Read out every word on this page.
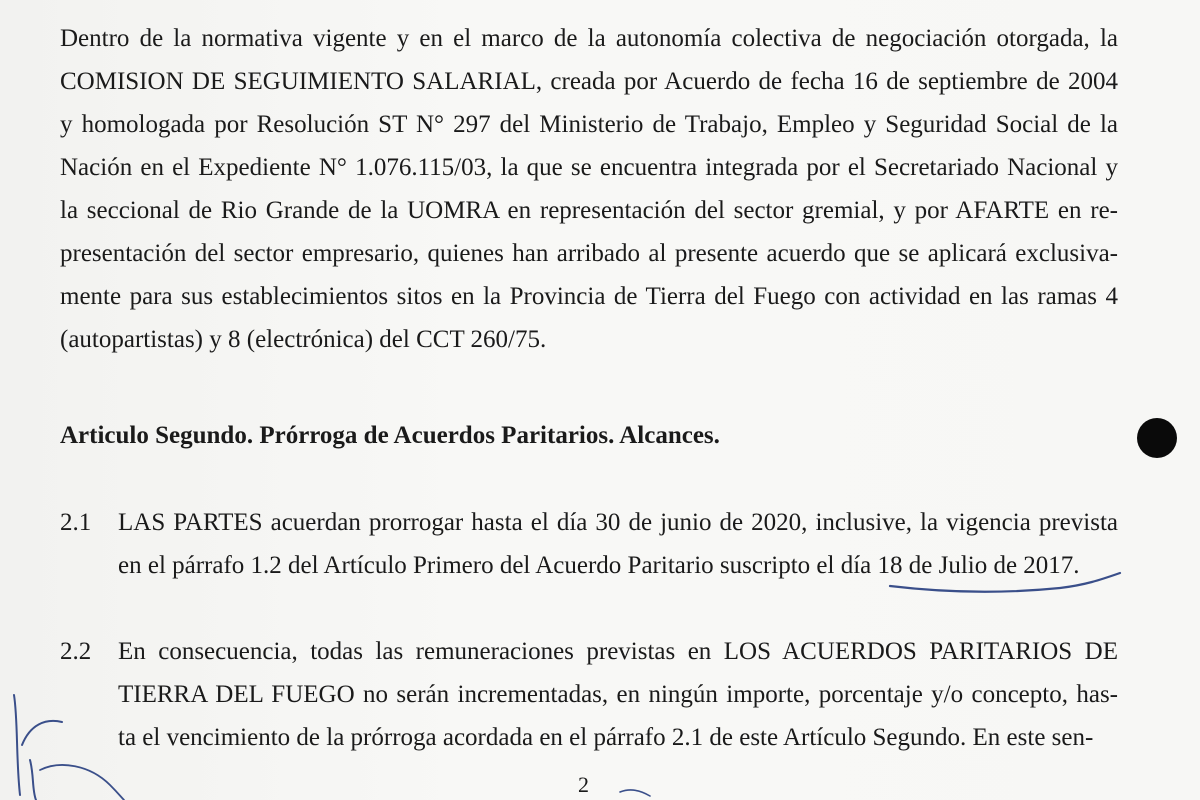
Dentro de la normativa vigente y en el marco de la autonomía colectiva de negociación otorgada, la
COMISION DE SEGUIMIENTO SALARIAL, creada por Acuerdo de fecha 16 de septiembre de 2004
y homologada por Resolución ST N° 297 del Ministerio de Trabajo, Empleo y Seguridad Social de la
Nación en el Expediente N° 1.076.115/03, la que se encuentra integrada por el Secretariado Nacional y
la seccional de Rio Grande de la UOMRA en representación del sector gremial, y por AFARTE en re-
presentación del sector empresario, quienes han arribado al presente acuerdo que se aplicará exclusiva-
mente para sus establecimientos sitos en la Provincia de Tierra del Fuego con actividad en las ramas 4
(autopartistas) y 8 (electrónica) del CCT 260/75.
Articulo Segundo. Prórroga de Acuerdos Paritarios. Alcances.
2.1 LAS PARTES acuerdan prorrogar hasta el día 30 de junio de 2020, inclusive, la vigencia prevista
en el párrafo 1.2 del Artículo Primero del Acuerdo Paritario suscripto el día 18 de Julio de 2017.
2.2 En consecuencia, todas las remuneraciones previstas en LOS ACUERDOS PARITARIOS DE
TIERRA DEL FUEGO no serán incrementadas, en ningún importe, porcentaje y/o concepto, has-
ta el vencimiento de la prórroga acordada en el párrafo 2.1 de este Artículo Segundo. En este sen-
2
